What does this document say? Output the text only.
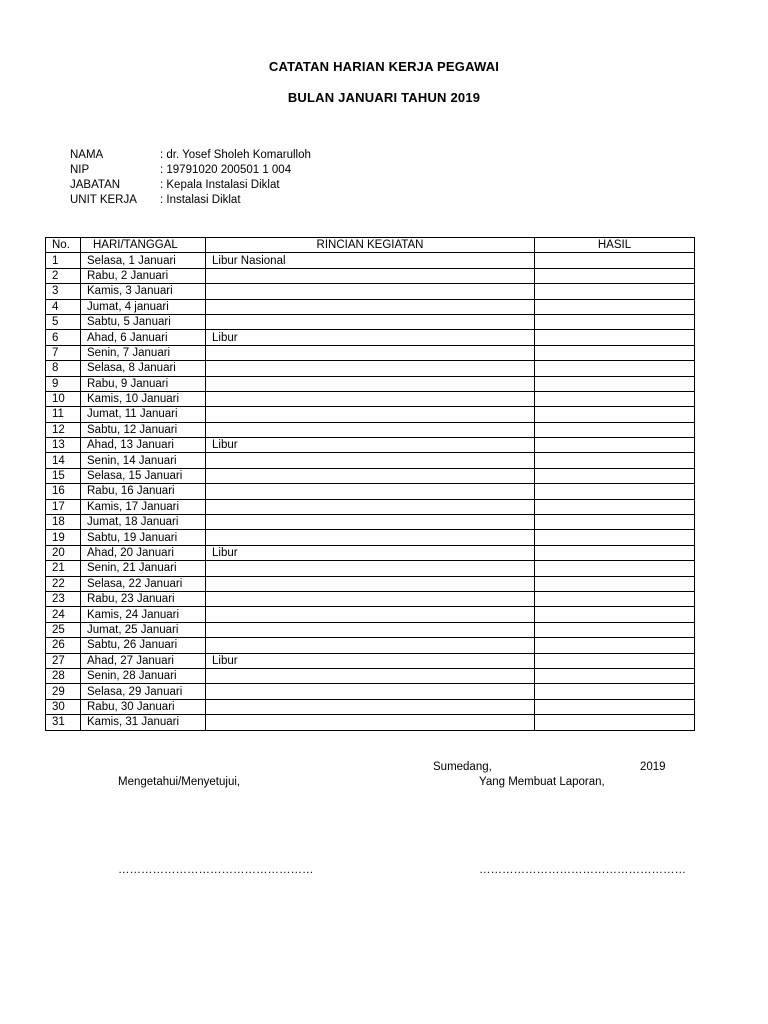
CATATAN HARIAN KERJA PEGAWAI
BULAN JANUARI TAHUN 2019
NAMA	: dr. Yosef Sholeh Komarulloh
NIP	: 19791020 200501 1 004
JABATAN	: Kepala Instalasi Diklat
UNIT KERJA : Instalasi Diklat
No.	HARI/TANGGAL	RINCIAN KEGIATAN	HASIL
1	Selasa, 1 Januari	Libur Nasional	
2	Rabu, 2 Januari		
3	Kamis, 3 Januari		
4	Jumat, 4 januari		
5	Sabtu, 5 Januari		
6	Ahad, 6 Januari	Libur	
7	Senin, 7 Januari		
8	Selasa, 8 Januari		
9	Rabu, 9 Januari		
10	Kamis, 10 Januari		
11	Jumat, 11 Januari		
12	Sabtu, 12 Januari		
13	Ahad, 13 Januari	Libur	
14	Senin, 14 Januari		
15	Selasa, 15 Januari		
16	Rabu, 16 Januari		
17	Kamis, 17 Januari		
18	Jumat, 18 Januari		
19	Sabtu, 19 Januari		
20	Ahad, 20 Januari	Libur	
21	Senin, 21 Januari		
22	Selasa, 22 Januari		
23	Rabu, 23 Januari		
24	Kamis, 24 Januari		
25	Jumat, 25 Januari		
26	Sabtu, 26 Januari		
27	Ahad, 27 Januari	Libur	
28	Senin, 28 Januari		
29	Selasa, 29 Januari		
30	Rabu, 30 Januari		
31	Kamis, 31 Januari		
Sumedang,	2019
Mengetahui/Menyetujui,	Yang Membuat Laporan,
……………………………………………	………………………………………………
